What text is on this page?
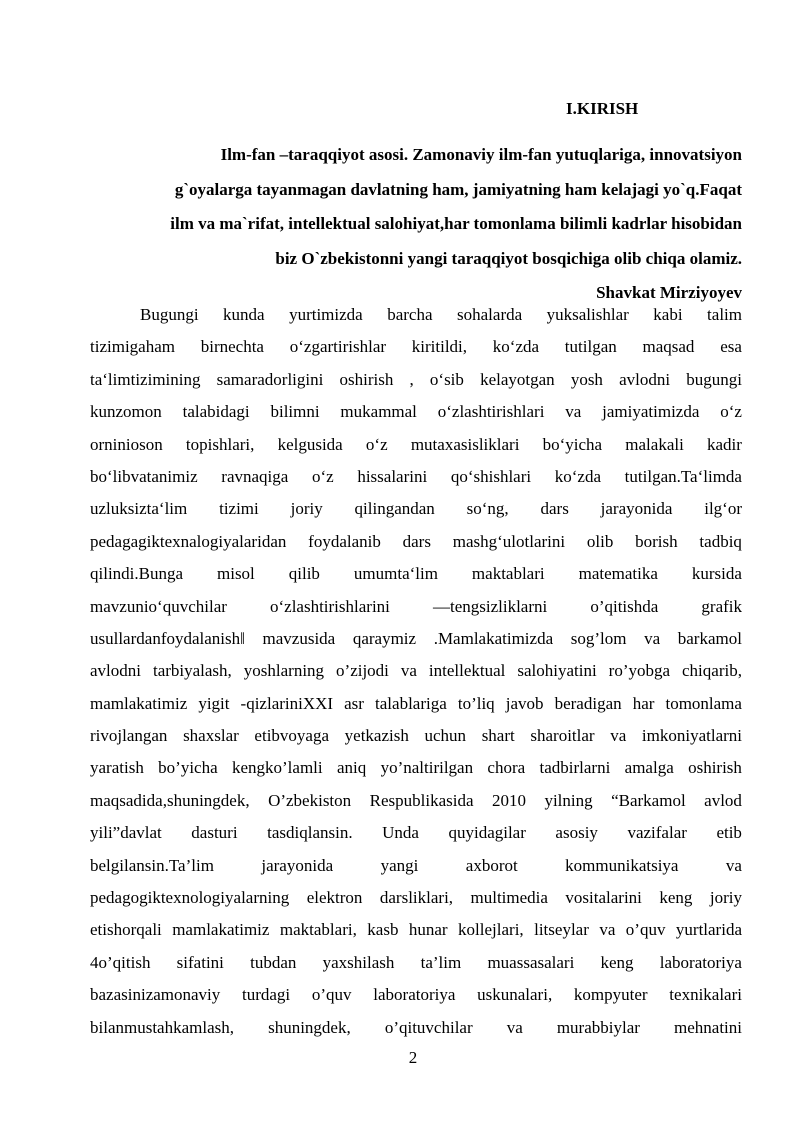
I.KIRISH
Ilm-fan –taraqqiyot asosi. Zamonaviy ilm-fan yutuqlariga, innovatsiyon
g`oyalarga tayanmagan davlatning ham, jamiyatning ham kelajagi yo`q.Faqat
ilm va ma`rifat, intellektual salohiyat,har tomonlama bilimli kadrlar hisobidan
biz O`zbekistonni yangi taraqqiyot bosqichiga olib chiqa olamiz.
Shavkat Mirziyoyev
Bugungi kunda yurtimizda barcha sohalarda yuksalishlar kabi talim
tizimigaham birnechta o‘zgartirishlar kiritildi, ko‘zda tutilgan maqsad esa
ta‘limtizimining samaradorligini oshirish , o‘sib kelayotgan yosh avlodni bugungi
kunzomon talabidagi bilimni mukammal o‘zlashtirishlari va jamiyatimizda o‘z
orninioson topishlari, kelgusida o‘z mutaxasisliklari bo‘yicha malakali kadir
bo‘libvatanimiz ravnaqiga o‘z hissalarini qo‘shishlari ko‘zda tutilgan.Ta‘limda
uzluksizta‘lim tizimi joriy qilingandan so‘ng, dars jarayonida ilg‘or
pedagagiktexnalogiyalaridan foydalanib dars mashg‘ulotlarini olib borish tadbiq
qilindi.Bunga misol qilib umumta‘lim maktablari matematika kursida
mavzunio‘quvchilar	o‘zlashtirishlarini	―tengsizliklarni	o’qitishda	grafik
usullardanfoydalanish‖ mavzusida qaraymiz .Mamlakatimizda sog’lom va barkamol
avlodni tarbiyalash, yoshlarning o’zijodi va intellektual salohiyatini ro’yobga chiqarib,
mamlakatimiz yigit -qizlariniXXI asr talablariga to’liq javob beradigan har tomonlama
rivojlangan shaxslar etibvoyaga yetkazish uchun shart sharoitlar va imkoniyatlarni
yaratish bo’yicha kengko’lamli aniq yo’naltirilgan chora tadbirlarni amalga oshirish
maqsadida,shuningdek, O’zbekiston Respublikasida 2010 yilning “Barkamol avlod
yili”davlat dasturi tasdiqlansin. Unda quyidagilar asosiy vazifalar etib
belgilansin.Ta’lim	jarayonida	yangi	axborot	kommunikatsiya	va
pedagogiktexnologiyalarning elektron darsliklari, multimedia vositalarini keng joriy
etishorqali mamlakatimiz maktablari, kasb hunar kollejlari, litseylar va o’quv yurtlarida
4o’qitish sifatini tubdan yaxshilash ta’lim muassasalari keng laboratoriya
bazasinizamonaviy turdagi o’quv laboratoriya uskunalari, kompyuter texnikalari
bilanmustahkamlash, shuningdek, o’qituvchilar va murabbiylar mehnatini
2
